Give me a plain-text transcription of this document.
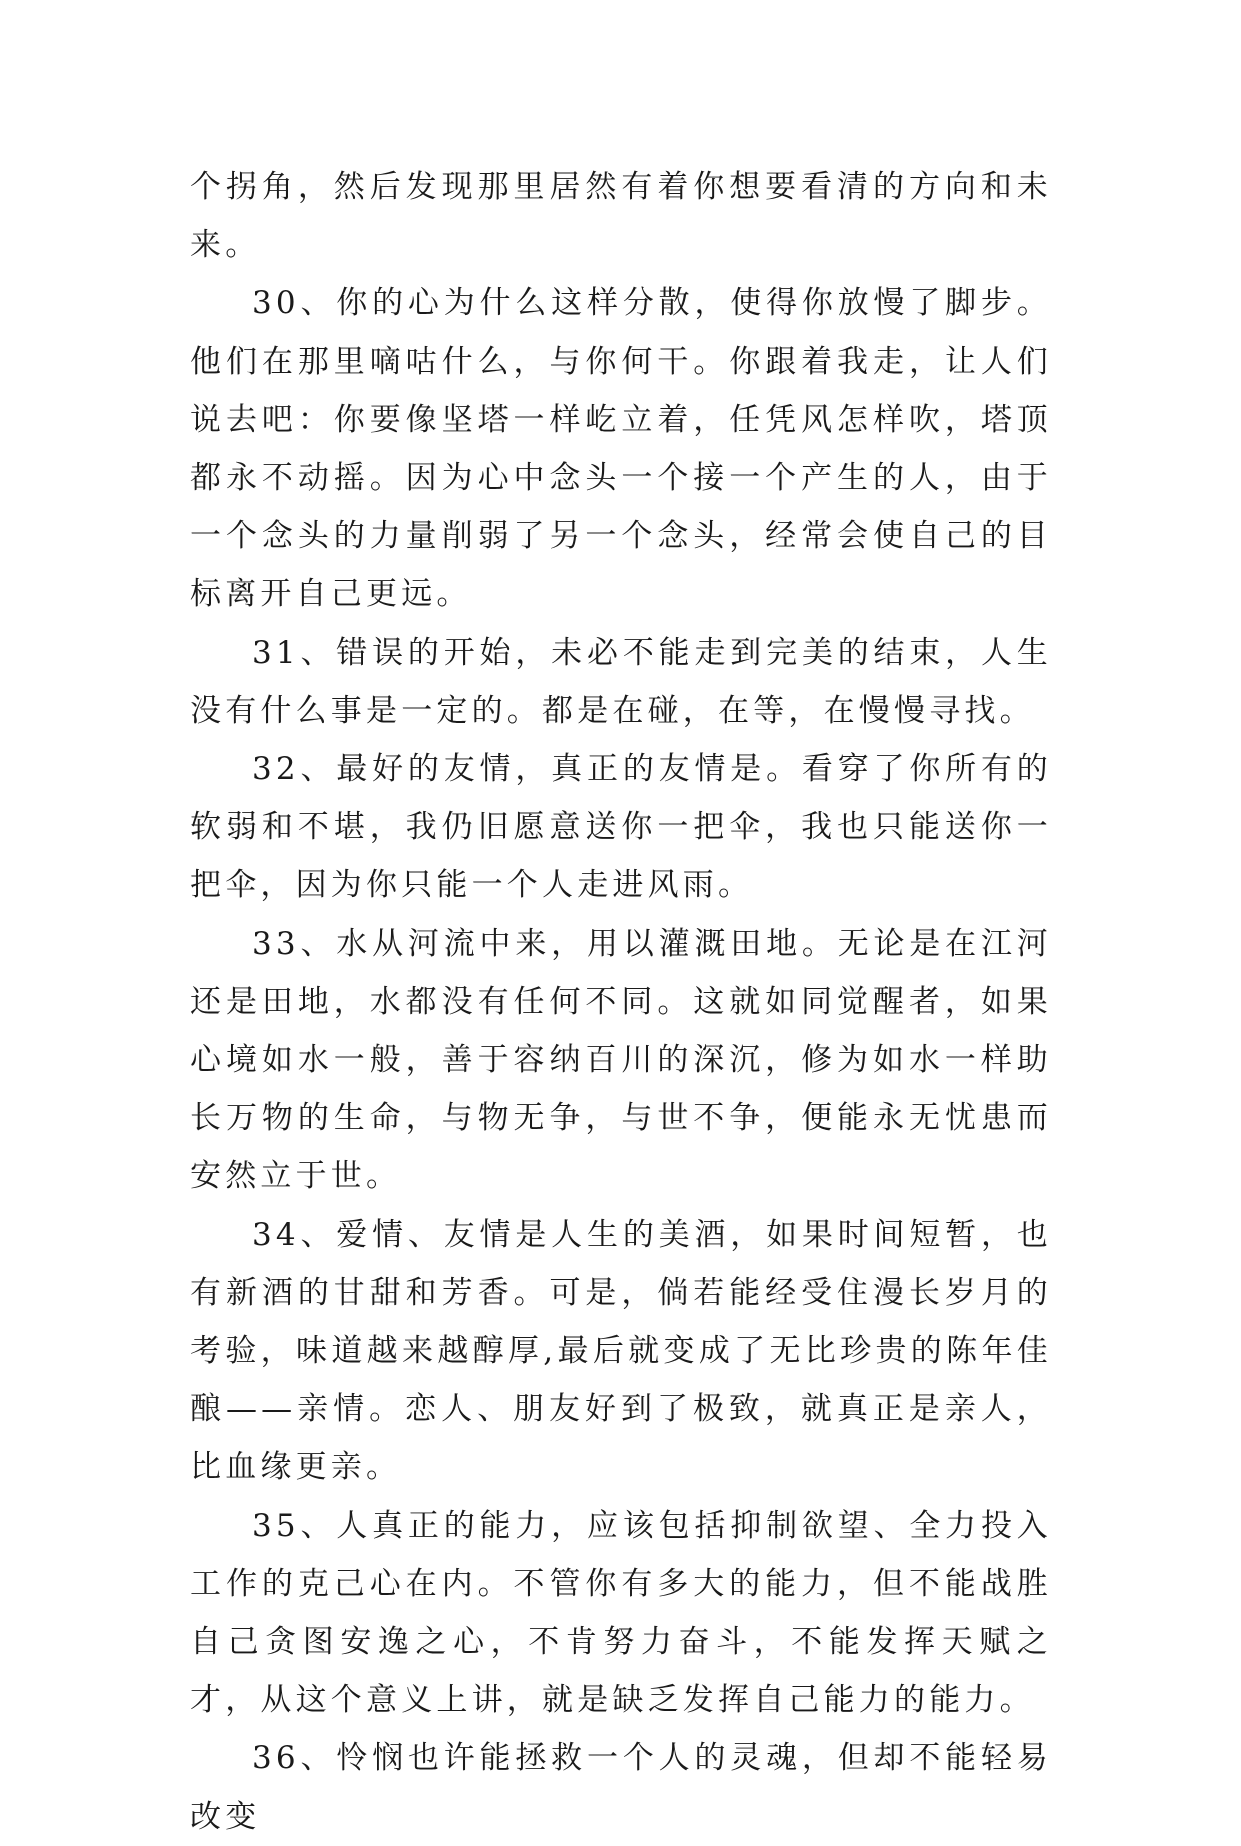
个拐角，然后发现那里居然有着你想要看清的方向和未来。

30、你的心为什么这样分散，使得你放慢了脚步。他们在那里嘀咕什么，与你何干。你跟着我走，让人们说去吧：你要像坚塔一样屹立着，任凭风怎样吹，塔顶都永不动摇。因为心中念头一个接一个产生的人，由于一个念头的力量削弱了另一个念头，经常会使自己的目标离开自己更远。

31、错误的开始，未必不能走到完美的结束，人生没有什么事是一定的。都是在碰，在等，在慢慢寻找。

32、最好的友情，真正的友情是。看穿了你所有的软弱和不堪，我仍旧愿意送你一把伞，我也只能送你一把伞，因为你只能一个人走进风雨。

33、水从河流中来，用以灌溉田地。无论是在江河还是田地，水都没有任何不同。这就如同觉醒者，如果心境如水一般，善于容纳百川的深沉，修为如水一样助长万物的生命，与物无争，与世不争，便能永无忧患而安然立于世。

34、爱情、友情是人生的美酒，如果时间短暂，也有新酒的甘甜和芳香。可是，倘若能经受住漫长岁月的考验，味道越来越醇厚,最后就变成了无比珍贵的陈年佳酿——亲情。恋人、朋友好到了极致，就真正是亲人，比血缘更亲。

35、人真正的能力，应该包括抑制欲望、全力投入工作的克己心在内。不管你有多大的能力，但不能战胜自己贪图安逸之心，不肯努力奋斗，不能发挥天赋之才，从这个意义上讲，就是缺乏发挥自己能力的能力。

36、怜悯也许能拯救一个人的灵魂，但却不能轻易改变
